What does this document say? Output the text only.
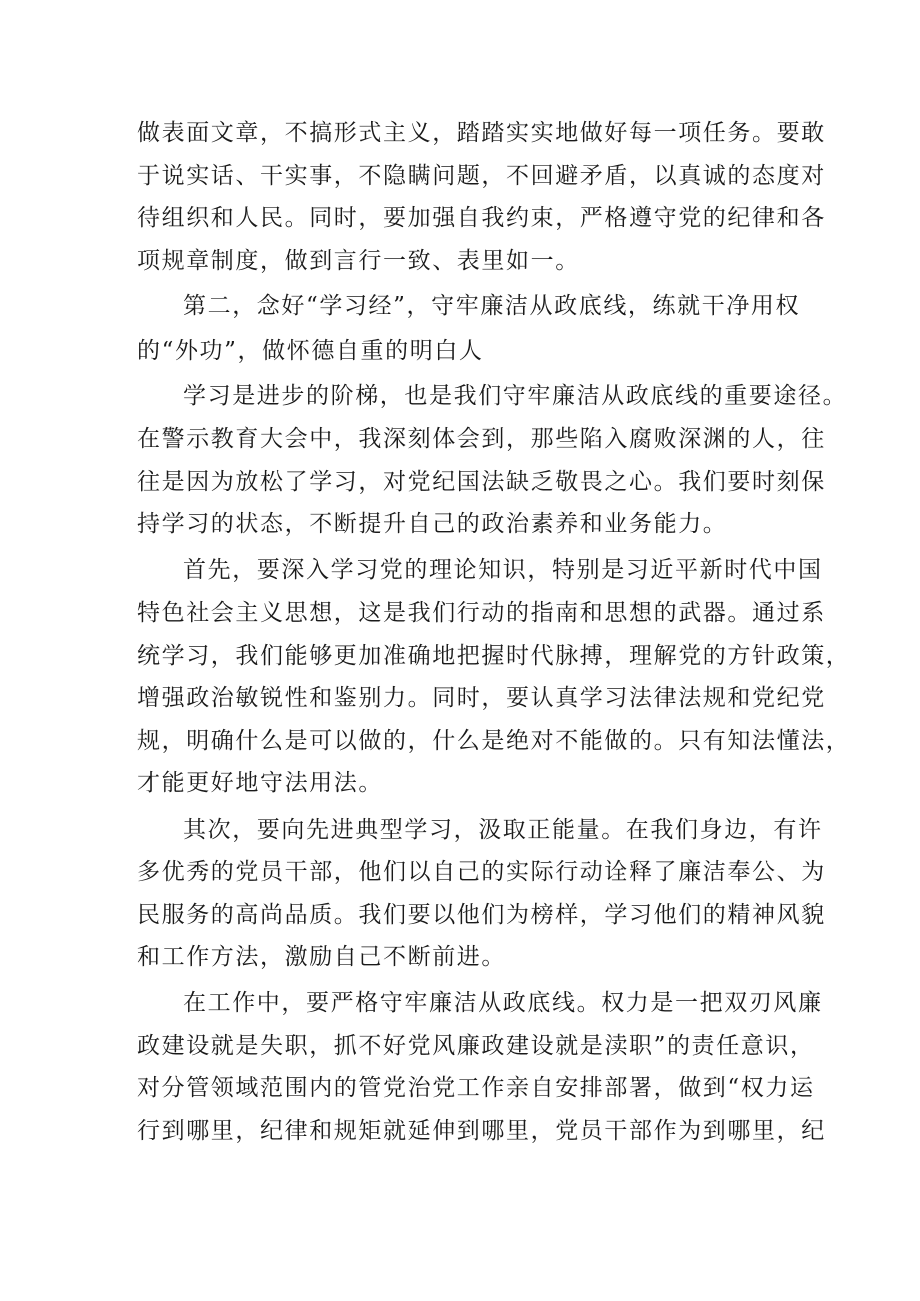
做表面文章，不搞形式主义，踏踏实实地做好每一项任务。要敢
于说实话、干实事，不隐瞒问题，不回避矛盾，以真诚的态度对
待组织和人民。同时，要加强自我约束，严格遵守党的纪律和各
项规章制度，做到言行一致、表里如一。
第二，念好“学习经”，守牢廉洁从政底线，练就干净用权
的“外功”，做怀德自重的明白人
学习是进步的阶梯，也是我们守牢廉洁从政底线的重要途径。
在警示教育大会中，我深刻体会到，那些陷入腐败深渊的人，往
往是因为放松了学习，对党纪国法缺乏敬畏之心。我们要时刻保
持学习的状态，不断提升自己的政治素养和业务能力。
首先，要深入学习党的理论知识，特别是习近平新时代中国
特色社会主义思想，这是我们行动的指南和思想的武器。通过系
统学习，我们能够更加准确地把握时代脉搏，理解党的方针政策，
增强政治敏锐性和鉴别力。同时，要认真学习法律法规和党纪党
规，明确什么是可以做的，什么是绝对不能做的。只有知法懂法，
才能更好地守法用法。
其次，要向先进典型学习，汲取正能量。在我们身边，有许
多优秀的党员干部，他们以自己的实际行动诠释了廉洁奉公、为
民服务的高尚品质。我们要以他们为榜样，学习他们的精神风貌
和工作方法，激励自己不断前进。
在工作中，要严格守牢廉洁从政底线。权力是一把双刃风廉
政建设就是失职，抓不好党风廉政建设就是渎职”的责任意识，
对分管领域范围内的管党治党工作亲自安排部署，做到“权力运
行到哪里，纪律和规矩就延伸到哪里，党员干部作为到哪里，纪
